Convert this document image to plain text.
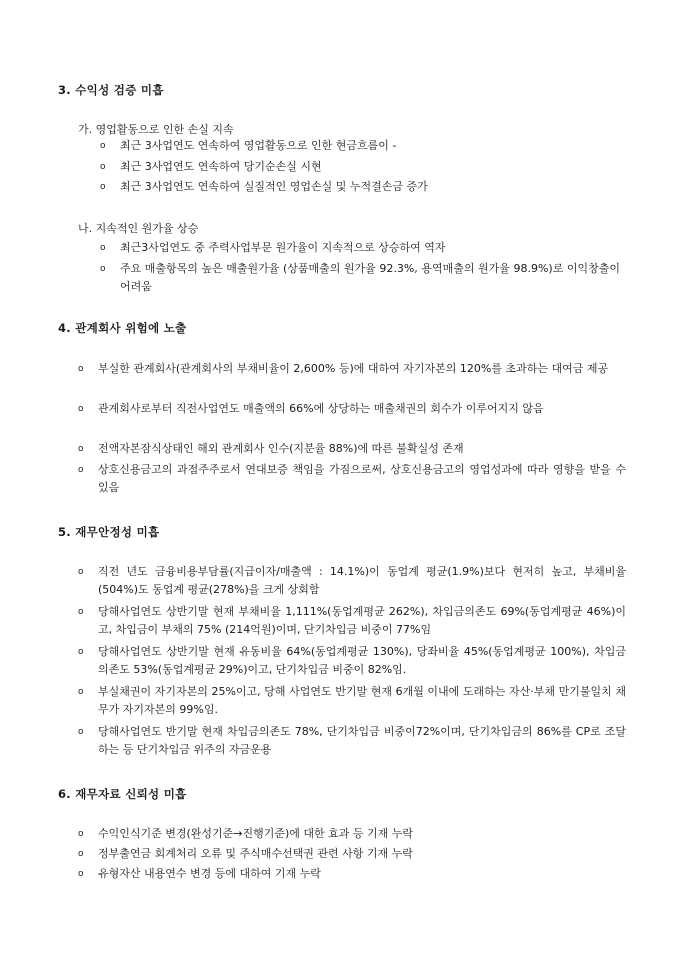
3. 수익성 검증 미흡
가. 영업활동으로 인한 손실 지속
o	최근 3사업연도 연속하여 영업활동으로 인한 현금흐름이 -
o	최근 3사업연도 연속하여 당기순손실 시현
o	최근 3사업연도 연속하여 실질적인 영업손실 및 누적결손금 증가
나. 지속적인 원가율 상승
o	최근3사업연도 중 주력사업부문 원가율이 지속적으로 상승하여 역자
o	주요 매출항목의 높은 매출원가율 (상품매출의 원가율 92.3%, 용역매출의 원가율 98.9%)로 이익창출이 어려움
4. 관계회사 위험에 노출
o	부실한 관계회사(관계회사의 부채비율이 2,600% 등)에 대하여 자기자본의 120%를 초과하는 대여금 제공
o	관계회사로부터 직전사업연도 매출액의 66%에 상당하는 매출채권의 회수가 이루어지지 않음
o	전액자본잠식상태인 해외 관계회사 인수(지분율 88%)에 따른 불확실성 존재
o	상호신용금고의 과점주주로서 연대보증 책임을 가짐으로써, 상호신용금고의 영업성과에 따라 영향을 받을 수 있음
5. 재무안정성 미흡
o	직전 년도 금융비용부담률(지급이자/매출액 : 14.1%)이 동업계 평균(1.9%)보다 현저히 높고, 부채비율(504%)도 동업계 평균(278%)을 크게 상회함
o	당해사업연도 상반기말 현재 부채비율 1,111%(동업계평균 262%), 차입금의존도 69%(동업계평균 46%)이고, 차입금이 부채의 75% (214억원)이며, 단기차입금 비중이 77%임
o	당해사업연도 상반기말 현재 유동비율 64%(동업계평균 130%), 당좌비율 45%(동업계평균 100%), 차입금의존도 53%(동업계평균 29%)이고, 단기차입금 비중이 82%임.
o	부실채권이 자기자본의 25%이고, 당해 사업연도 반기말 현재 6개월 이내에 도래하는 자산·부채 만기불일치 채무가 자기자본의 99%임.
o	당해사업연도 반기말 현재 차입금의존도 78%, 단기차입금 비중이72%이며, 단기차입금의 86%를 CP로 조달하는 등 단기차입금 위주의 자금운용
6. 재무자료 신뢰성 미흡
o	수익인식기준 변경(완성기준→진행기준)에 대한 효과 등 기재 누락
o	정부출연금 회계처리 오류 및 주식매수선택권 관련 사항 기재 누락
o	유형자산 내용연수 변경 등에 대하여 기재 누락
